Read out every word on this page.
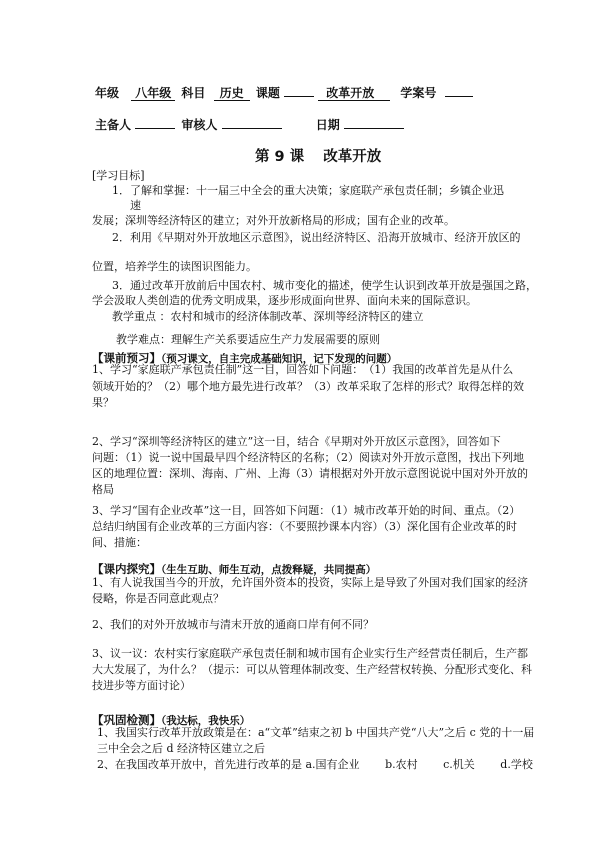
年级 八年级 科目 历史 课题	改革开放 学案号
主备人	审核人	日期
第 9 课 改革开放
[学习目标]
1．了解和掌握：十一届三中全会的重大决策；家庭联产承包责任制；乡镇企业迅
速
发展；深圳等经济特区的建立；对外开放新格局的形成；国有企业的改革。
2．利用《早期对外开放地区示意图》，说出经济特区、沿海开放城市、经济开放区的
位置，培养学生的读图识图能力。
3．通过改革开放前后中国农村、城市变化的描述，使学生认识到改革开放是强国之路，
学会汲取人类创造的优秀文明成果，逐步形成面向世界、面向未来的国际意识。
教学重点 ：农村和城市的经济体制改革、深圳等经济特区的建立
教学难点：理解生产关系要适应生产力发展需要的原则
【课前预习】（预习课文，自主完成基础知识，记下发现的问题）
1、学习“家庭联产承包责任制”这一目，回答如下问题：　（1）我国的改革首先是从什么
领域开始的？（2）哪个地方最先进行改革？（3）改革采取了怎样的形式？取得怎样的效
果？
2、学习“深圳等经济特区的建立”这一目，结合《早期对外开放区示意图》，回答如下
问题：（1）说一说中国最早四个经济特区的名称；（2）阅读对外开放示意图，找出下列地
区的地理位置：深圳、海南、广州、上海（3）请根据对外开放示意图说说中国对外开放的
格局
3、学习“国有企业改革”这一目，回答如下问题：（1）城市改革开始的时间、重点。（2）
总结归纳国有企业改革的三方面内容：（不要照抄课本内容）（3）深化国有企业改革的时
间、措施：
【课内探究】（生生互助、师生互动，点拨释疑，共同提高）
1、有人说我国当今的开放，允许国外资本的投资，实际上是导致了外国对我们国家的经济
侵略，你是否同意此观点？
2、我们的对外开放城市与清末开放的通商口岸有何不同？
3、议一议：农村实行家庭联产承包责任制和城市国有企业实行生产经营责任制后，生产都
大大发展了，为什么？（提示：可以从管理体制改变、生产经营权转换、分配形式变化、科
技进步等方面讨论）
【巩固检测】（我达标，我快乐）
1、我国实行改革开放政策是在：a“文革”结束之初 b 中国共产党“八大”之后 c 党的十一届
三中全会之后 d 经济特区建立之后
2、在我国改革开放中，首先进行改革的是 a.国有企业 b.农村 c.机关 d.学校
